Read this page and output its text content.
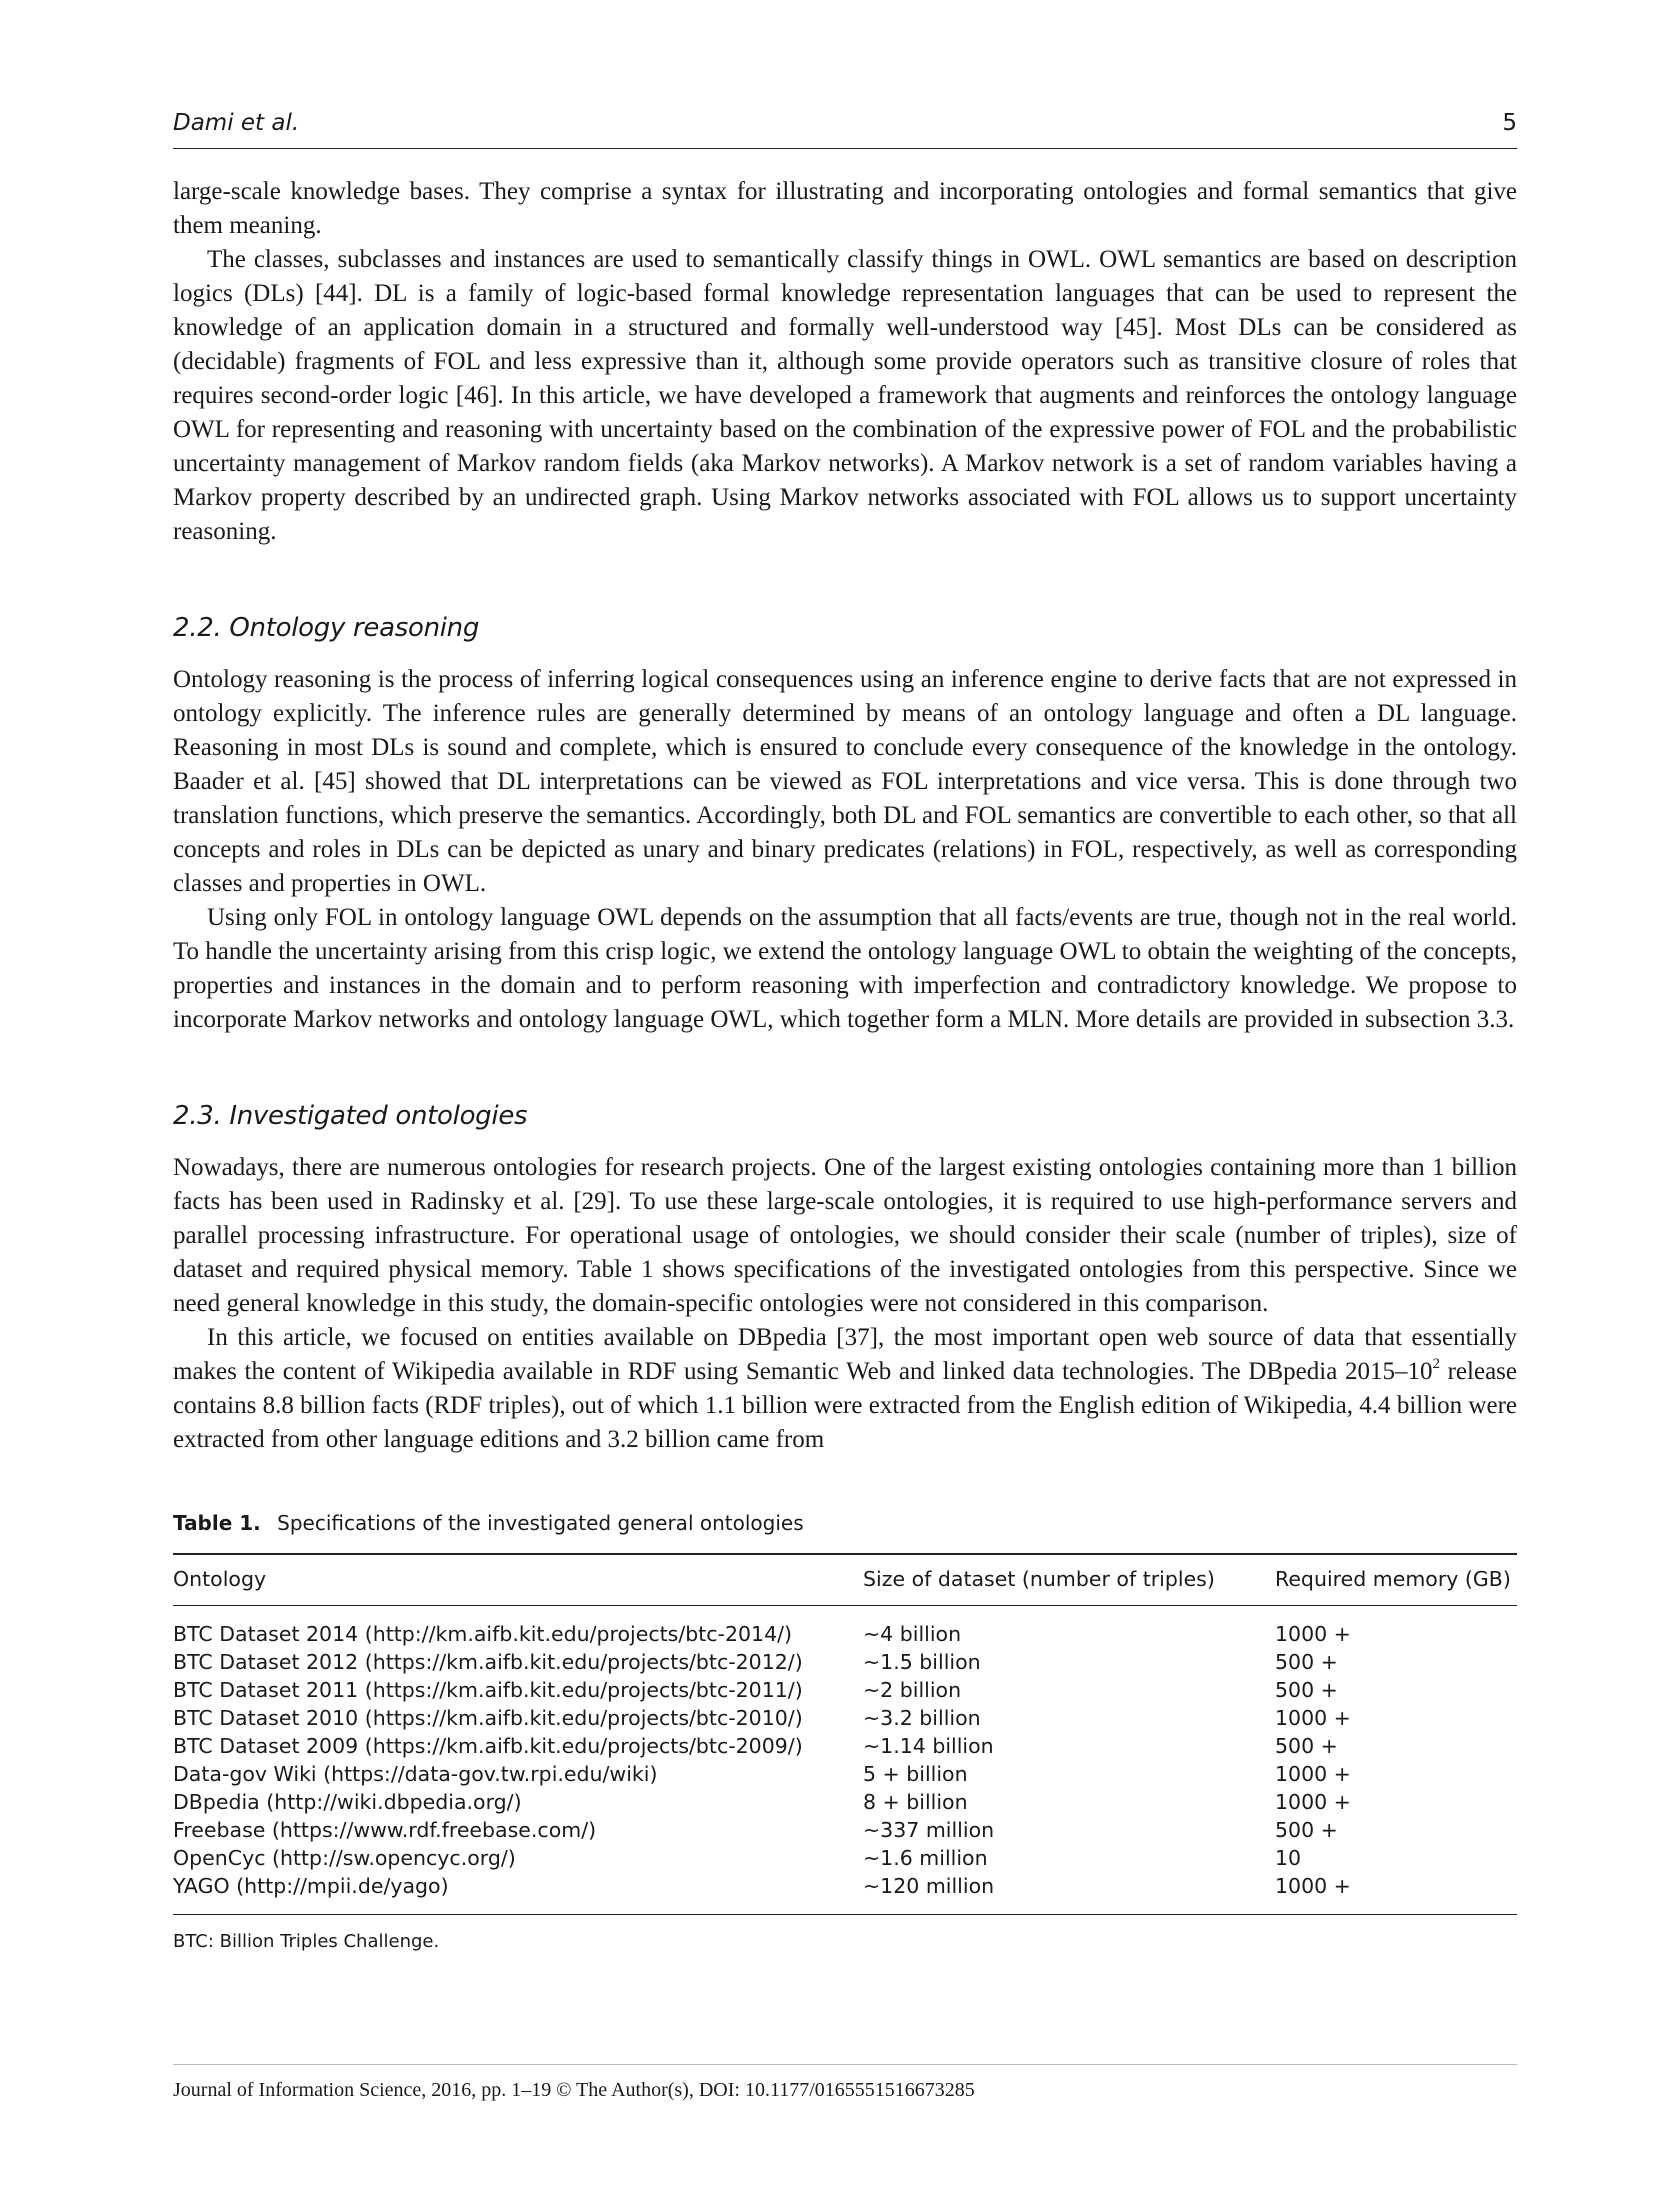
Dami et al.	5

large-scale knowledge bases. They comprise a syntax for illustrating and incorporating ontologies and formal semantics that give them meaning.

The classes, subclasses and instances are used to semantically classify things in OWL. OWL semantics are based on description logics (DLs) [44]. DL is a family of logic-based formal knowledge representation languages that can be used to represent the knowledge of an application domain in a structured and formally well-understood way [45]. Most DLs can be considered as (decidable) fragments of FOL and less expressive than it, although some provide operators such as transitive closure of roles that requires second-order logic [46]. In this article, we have developed a framework that augments and reinforces the ontology language OWL for representing and reasoning with uncertainty based on the combination of the expressive power of FOL and the probabilistic uncertainty management of Markov random fields (aka Markov networks). A Markov network is a set of random variables having a Markov property described by an undirected graph. Using Markov networks associated with FOL allows us to support uncertainty reasoning.

2.2. Ontology reasoning

Ontology reasoning is the process of inferring logical consequences using an inference engine to derive facts that are not expressed in ontology explicitly. The inference rules are generally determined by means of an ontology language and often a DL language. Reasoning in most DLs is sound and complete, which is ensured to conclude every consequence of the knowledge in the ontology. Baader et al. [45] showed that DL interpretations can be viewed as FOL interpretations and vice versa. This is done through two translation functions, which preserve the semantics. Accordingly, both DL and FOL semantics are convertible to each other, so that all concepts and roles in DLs can be depicted as unary and binary predicates (relations) in FOL, respectively, as well as corresponding classes and properties in OWL.

Using only FOL in ontology language OWL depends on the assumption that all facts/events are true, though not in the real world. To handle the uncertainty arising from this crisp logic, we extend the ontology language OWL to obtain the weighting of the concepts, properties and instances in the domain and to perform reasoning with imperfection and contradictory knowledge. We propose to incorporate Markov networks and ontology language OWL, which together form a MLN. More details are provided in subsection 3.3.

2.3. Investigated ontologies

Nowadays, there are numerous ontologies for research projects. One of the largest existing ontologies containing more than 1 billion facts has been used in Radinsky et al. [29]. To use these large-scale ontologies, it is required to use high-performance servers and parallel processing infrastructure. For operational usage of ontologies, we should consider their scale (number of triples), size of dataset and required physical memory. Table 1 shows specifications of the investigated ontologies from this perspective. Since we need general knowledge in this study, the domain-specific ontologies were not considered in this comparison.

In this article, we focused on entities available on DBpedia [37], the most important open web source of data that essentially makes the content of Wikipedia available in RDF using Semantic Web and linked data technologies. The DBpedia $2015-10^2$ release contains 8.8 billion facts (RDF triples), out of which 1.1 billion were extracted from the English edition of Wikipedia, 4.4 billion were extracted from other language editions and 3.2 billion came from

Table 1. Specifications of the investigated general ontologies
Ontology	Size of dataset (number of triples)	Required memory (GB)
BTC Dataset 2014 (http://km.aifb.kit.edu/projects/btc-2014/)	~4 billion	1000 +
BTC Dataset 2012 (https://km.aifb.kit.edu/projects/btc-2012/)	~1.5 billion	500 +
BTC Dataset 2011 (https://km.aifb.kit.edu/projects/btc-2011/)	~2 billion	500 +
BTC Dataset 2010 (https://km.aifb.kit.edu/projects/btc-2010/)	~3.2 billion	1000 +
BTC Dataset 2009 (https://km.aifb.kit.edu/projects/btc-2009/)	~1.14 billion	500 +
Data-gov Wiki (https://data-gov.tw.rpi.edu/wiki)	5 + billion	1000 +
DBpedia (http://wiki.dbpedia.org/)	8 + billion	1000 +
Freebase (https://www.rdf.freebase.com/)	~337 million	500 +
OpenCyc (http://sw.opencyc.org/)	~1.6 million	10
YAGO (http://mpii.de/yago)	~120 million	1000 +
BTC: Billion Triples Challenge.
Journal of Information Science, 2016, pp. 1–19 © The Author(s), DOI: 10.1177/0165551516673285
